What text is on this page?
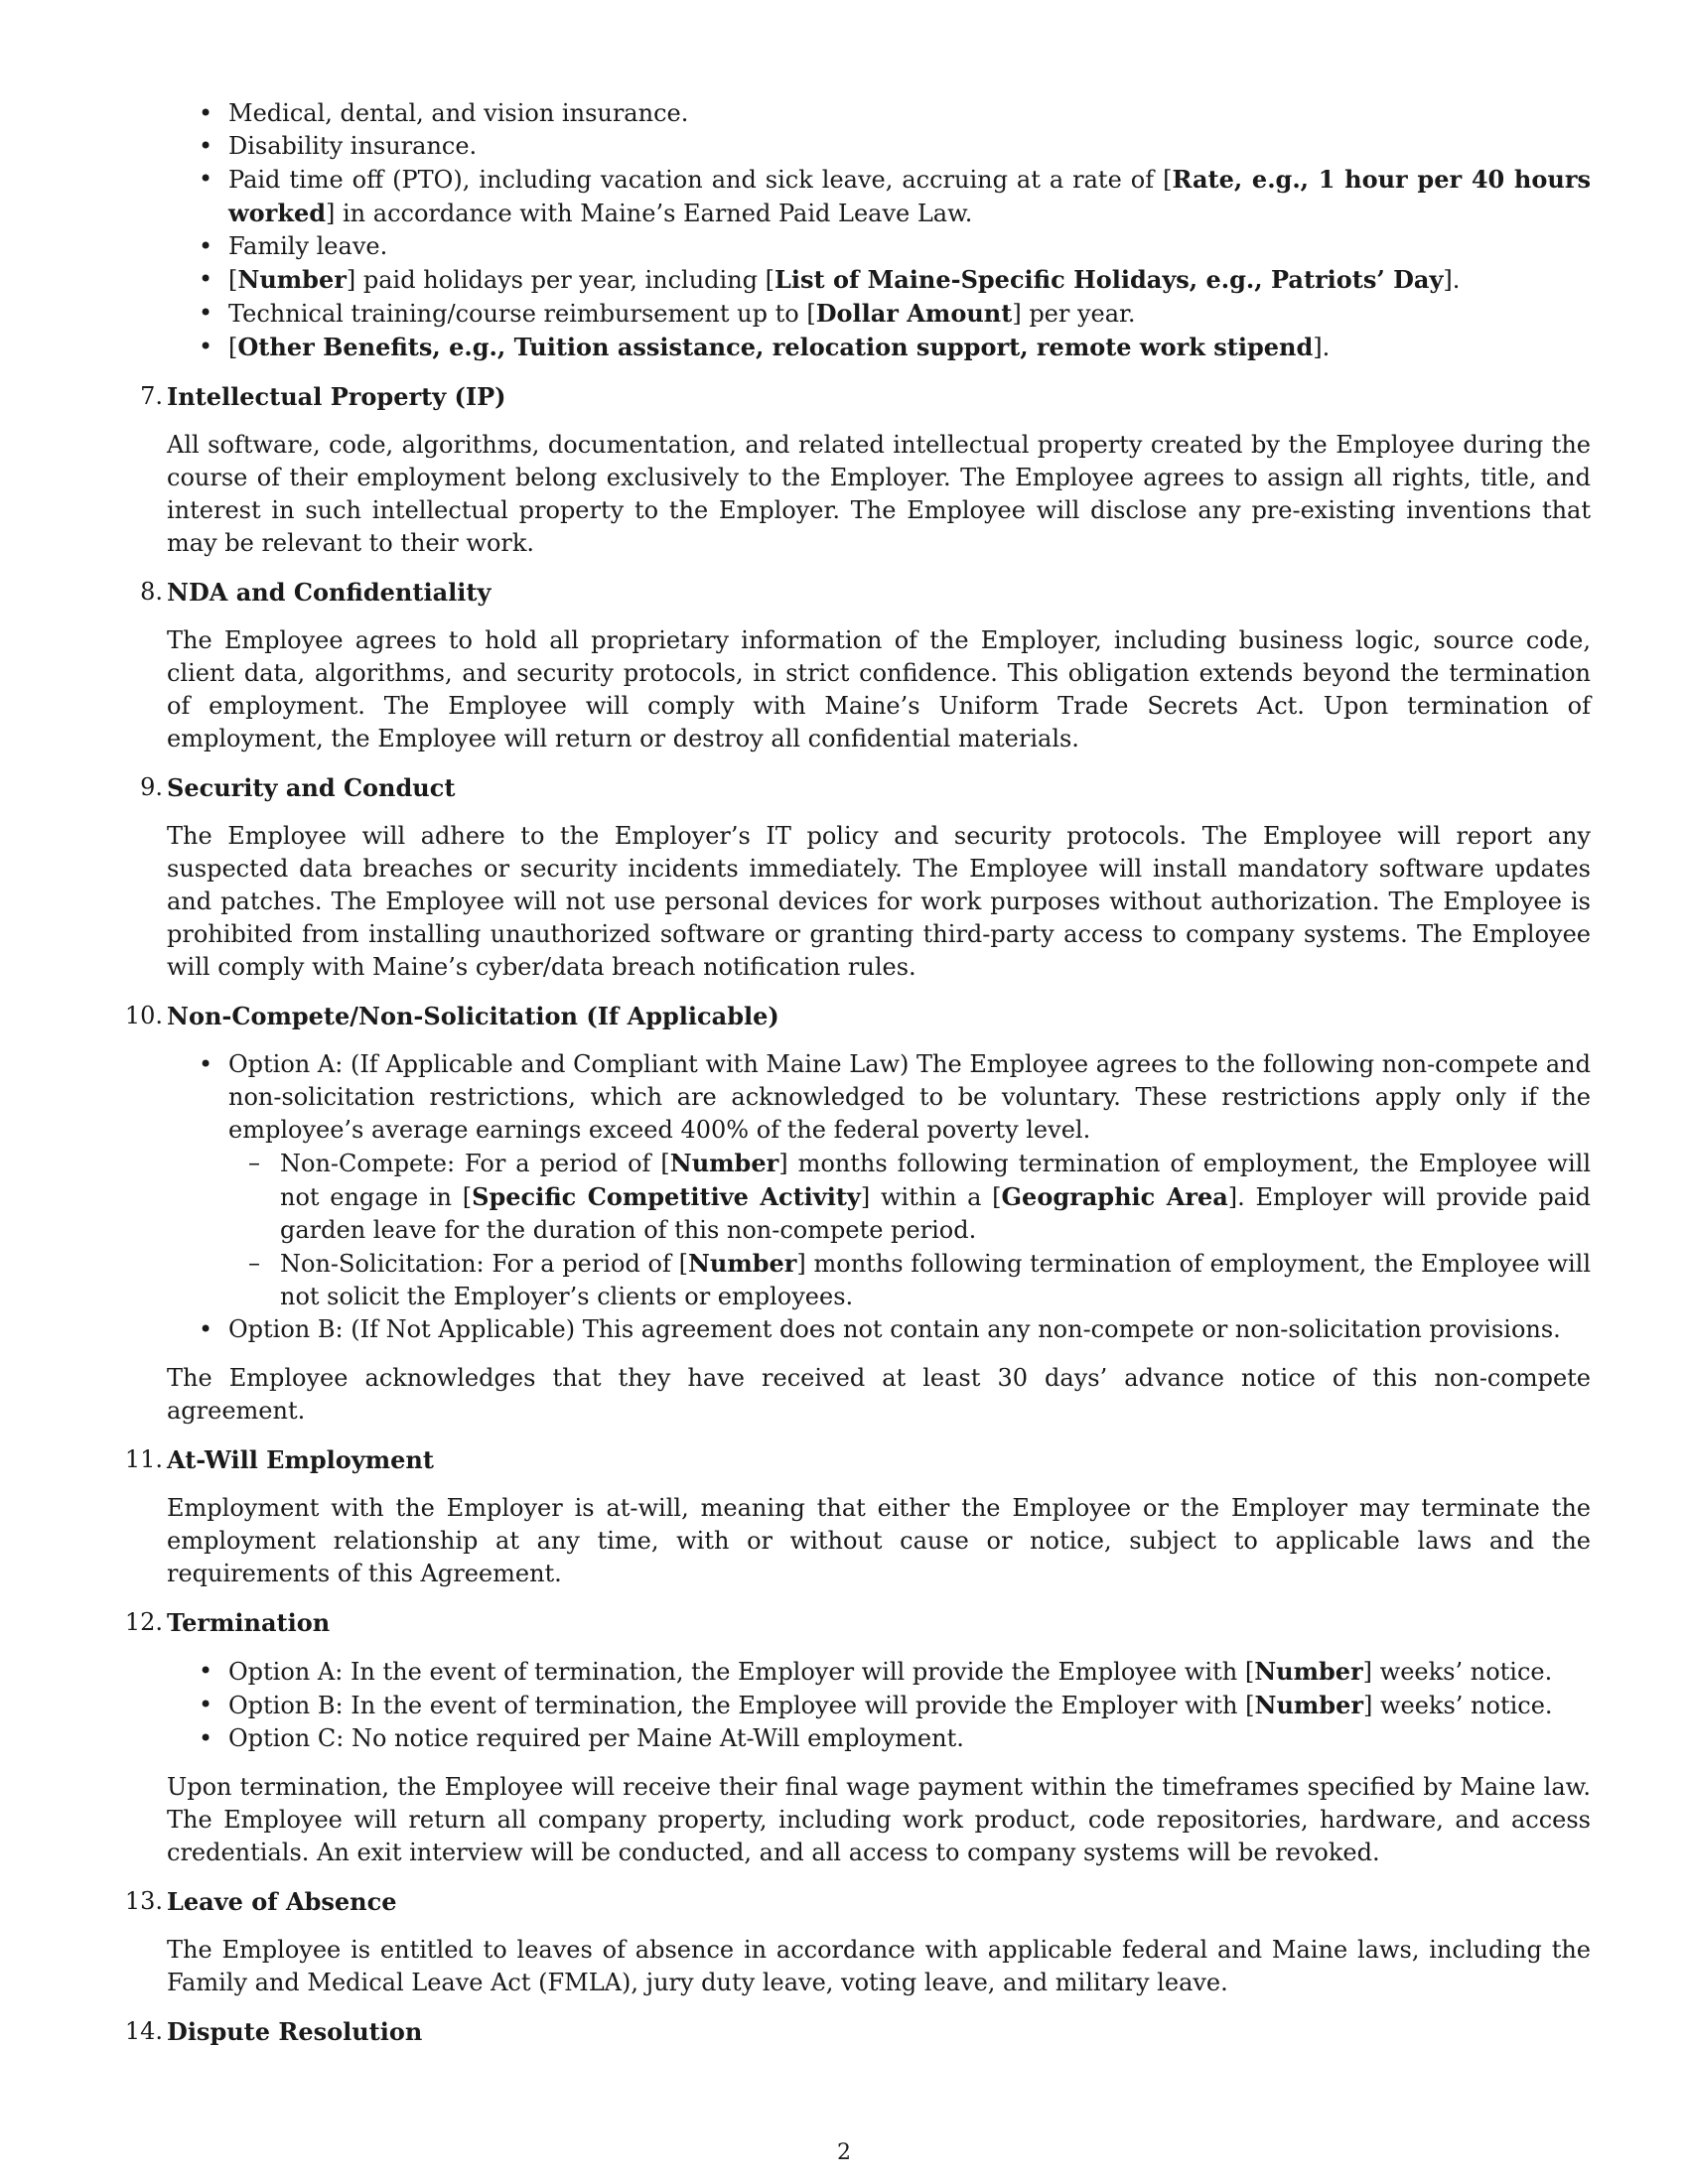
• Medical, dental, and vision insurance.
• Disability insurance.
• Paid time off (PTO), including vacation and sick leave, accruing at a rate of [Rate, e.g., 1 hour per 40 hours worked] in accordance with Maine’s Earned Paid Leave Law.
• Family leave.
• [Number] paid holidays per year, including [List of Maine-Specific Holidays, e.g., Patriots’ Day].
• Technical training/course reimbursement up to [Dollar Amount] per year.
• [Other Benefits, e.g., Tuition assistance, relocation support, remote work stipend].
7. Intellectual Property (IP)

All software, code, algorithms, documentation, and related intellectual property created by the Employee during the course of their employment belong exclusively to the Employer. The Employee agrees to assign all rights, title, and interest in such intellectual property to the Employer. The Employee will disclose any pre-existing inventions that may be relevant to their work.

8. NDA and Confidentiality

The Employee agrees to hold all proprietary information of the Employer, including business logic, source code, client data, algorithms, and security protocols, in strict confidence. This obligation extends beyond the termination of employment. The Employee will comply with Maine’s Uniform Trade Secrets Act. Upon termination of employment, the Employee will return or destroy all confidential materials.

9. Security and Conduct

The Employee will adhere to the Employer’s IT policy and security protocols. The Employee will report any suspected data breaches or security incidents immediately. The Employee will install mandatory software updates and patches. The Employee will not use personal devices for work purposes without authorization. The Employee is prohibited from installing unauthorized software or granting third-party access to company systems. The Employee will comply with Maine’s cyber/data breach notification rules.

10. Non-Compete/Non-Solicitation (If Applicable)
• Option A: (If Applicable and Compliant with Maine Law) The Employee agrees to the following non-compete and non-solicitation restrictions, which are acknowledged to be voluntary. These restrictions apply only if the employee’s average earnings exceed 400% of the federal poverty level.
– Non-Compete: For a period of [Number] months following termination of employment, the Employee will not engage in [Specific Competitive Activity] within a [Geographic Area]. Employer will provide paid garden leave for the duration of this non-compete period.
– Non-Solicitation: For a period of [Number] months following termination of employment, the Employee will not solicit the Employer’s clients or employees.
• Option B: (If Not Applicable) This agreement does not contain any non-compete or non-solicitation provisions.

The Employee acknowledges that they have received at least 30 days’ advance notice of this non-compete agreement.

11. At-Will Employment

Employment with the Employer is at-will, meaning that either the Employee or the Employer may terminate the employment relationship at any time, with or without cause or notice, subject to applicable laws and the requirements of this Agreement.

12. Termination
• Option A: In the event of termination, the Employer will provide the Employee with [Number] weeks’ notice.
• Option B: In the event of termination, the Employee will provide the Employer with [Number] weeks’ notice.
• Option C: No notice required per Maine At-Will employment.

Upon termination, the Employee will receive their final wage payment within the timeframes specified by Maine law. The Employee will return all company property, including work product, code repositories, hardware, and access credentials. An exit interview will be conducted, and all access to company systems will be revoked.

13. Leave of Absence

The Employee is entitled to leaves of absence in accordance with applicable federal and Maine laws, including the Family and Medical Leave Act (FMLA), jury duty leave, voting leave, and military leave.

14. Dispute Resolution
2
